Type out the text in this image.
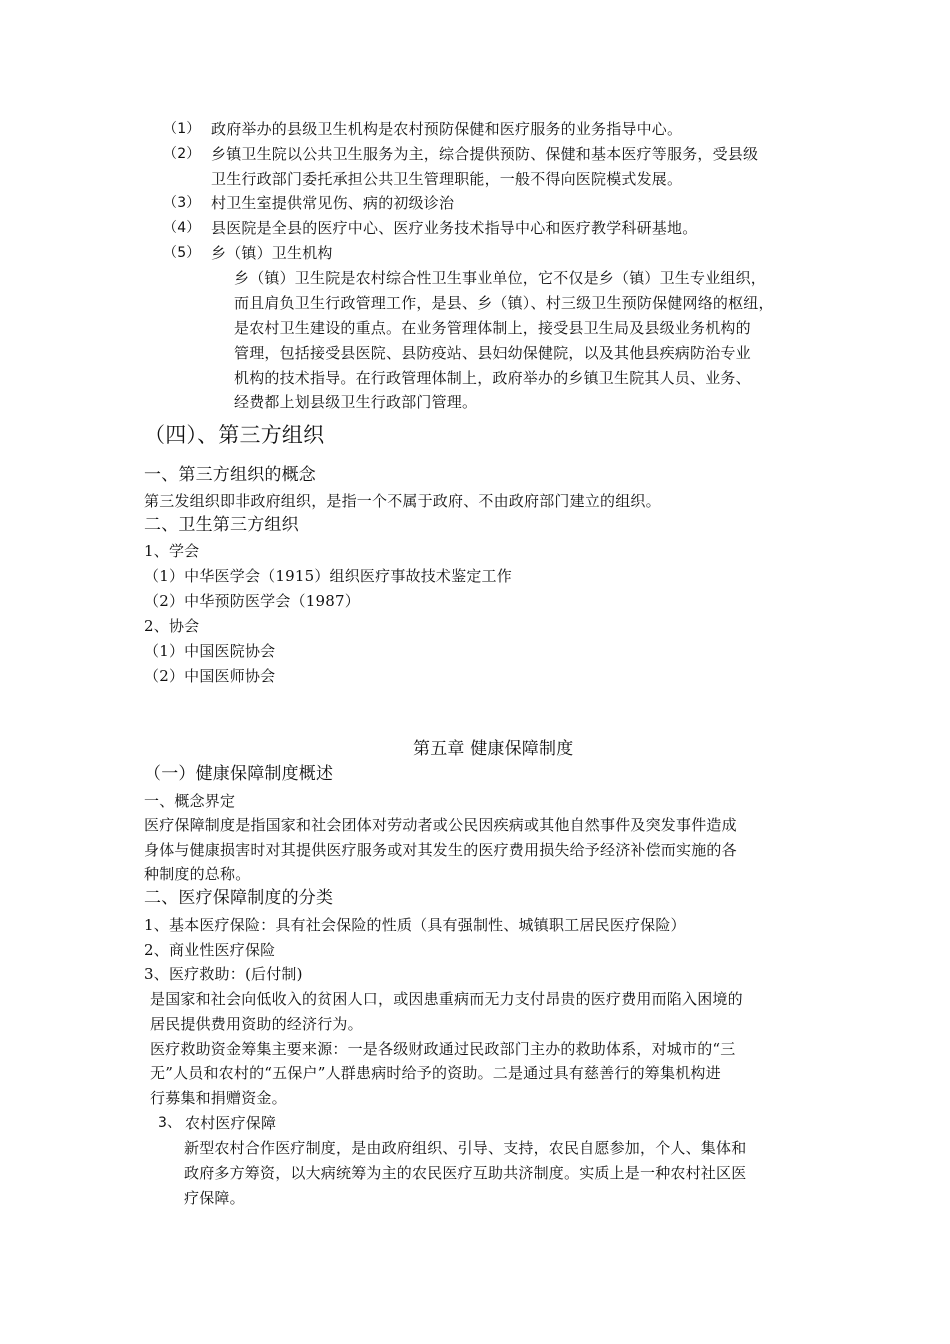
（1） 政府举办的县级卫生机构是农村预防保健和医疗服务的业务指导中心。
（2） 乡镇卫生院以公共卫生服务为主，综合提供预防、保健和基本医疗等服务，受县级
卫生行政部门委托承担公共卫生管理职能，一般不得向医院模式发展。
（3） 村卫生室提供常见伤、病的初级诊治
（4） 县医院是全县的医疗中心、医疗业务技术指导中心和医疗教学科研基地。
（5） 乡（镇）卫生机构
乡（镇）卫生院是农村综合性卫生事业单位，它不仅是乡（镇）卫生专业组织，
而且肩负卫生行政管理工作，是县、乡（镇）、村三级卫生预防保健网络的枢纽，
是农村卫生建设的重点。在业务管理体制上，接受县卫生局及县级业务机构的
管理，包括接受县医院、县防疫站、县妇幼保健院，以及其他县疾病防治专业
机构的技术指导。在行政管理体制上，政府举办的乡镇卫生院其人员、业务、
经费都上划县级卫生行政部门管理。
（四）、第三方组织
一、第三方组织的概念
第三发组织即非政府组织，是指一个不属于政府、不由政府部门建立的组织。
二、卫生第三方组织
1、学会
（1）中华医学会（1915）组织医疗事故技术鉴定工作
（2）中华预防医学会（1987）
2、协会
（1）中国医院协会
（2）中国医师协会
第五章 健康保障制度
（一）健康保障制度概述
一、概念界定
医疗保障制度是指国家和社会团体对劳动者或公民因疾病或其他自然事件及突发事件造成
身体与健康损害时对其提供医疗服务或对其发生的医疗费用损失给予经济补偿而实施的各
种制度的总称。
二、医疗保障制度的分类
1、基本医疗保险：具有社会保险的性质（具有强制性、城镇职工居民医疗保险）
2、商业性医疗保险
3、医疗救助：(后付制)
是国家和社会向低收入的贫困人口，或因患重病而无力支付昂贵的医疗费用而陷入困境的
居民提供费用资助的经济行为。
医疗救助资金筹集主要来源：一是各级财政通过民政部门主办的救助体系，对城市的“三
无”人员和农村的“五保户”人群患病时给予的资助。二是通过具有慈善行的筹集机构进
行募集和捐赠资金。
3、 农村医疗保障
新型农村合作医疗制度，是由政府组织、引导、支持，农民自愿参加，个人、集体和
政府多方筹资，以大病统筹为主的农民医疗互助共济制度。实质上是一种农村社区医
疗保障。
